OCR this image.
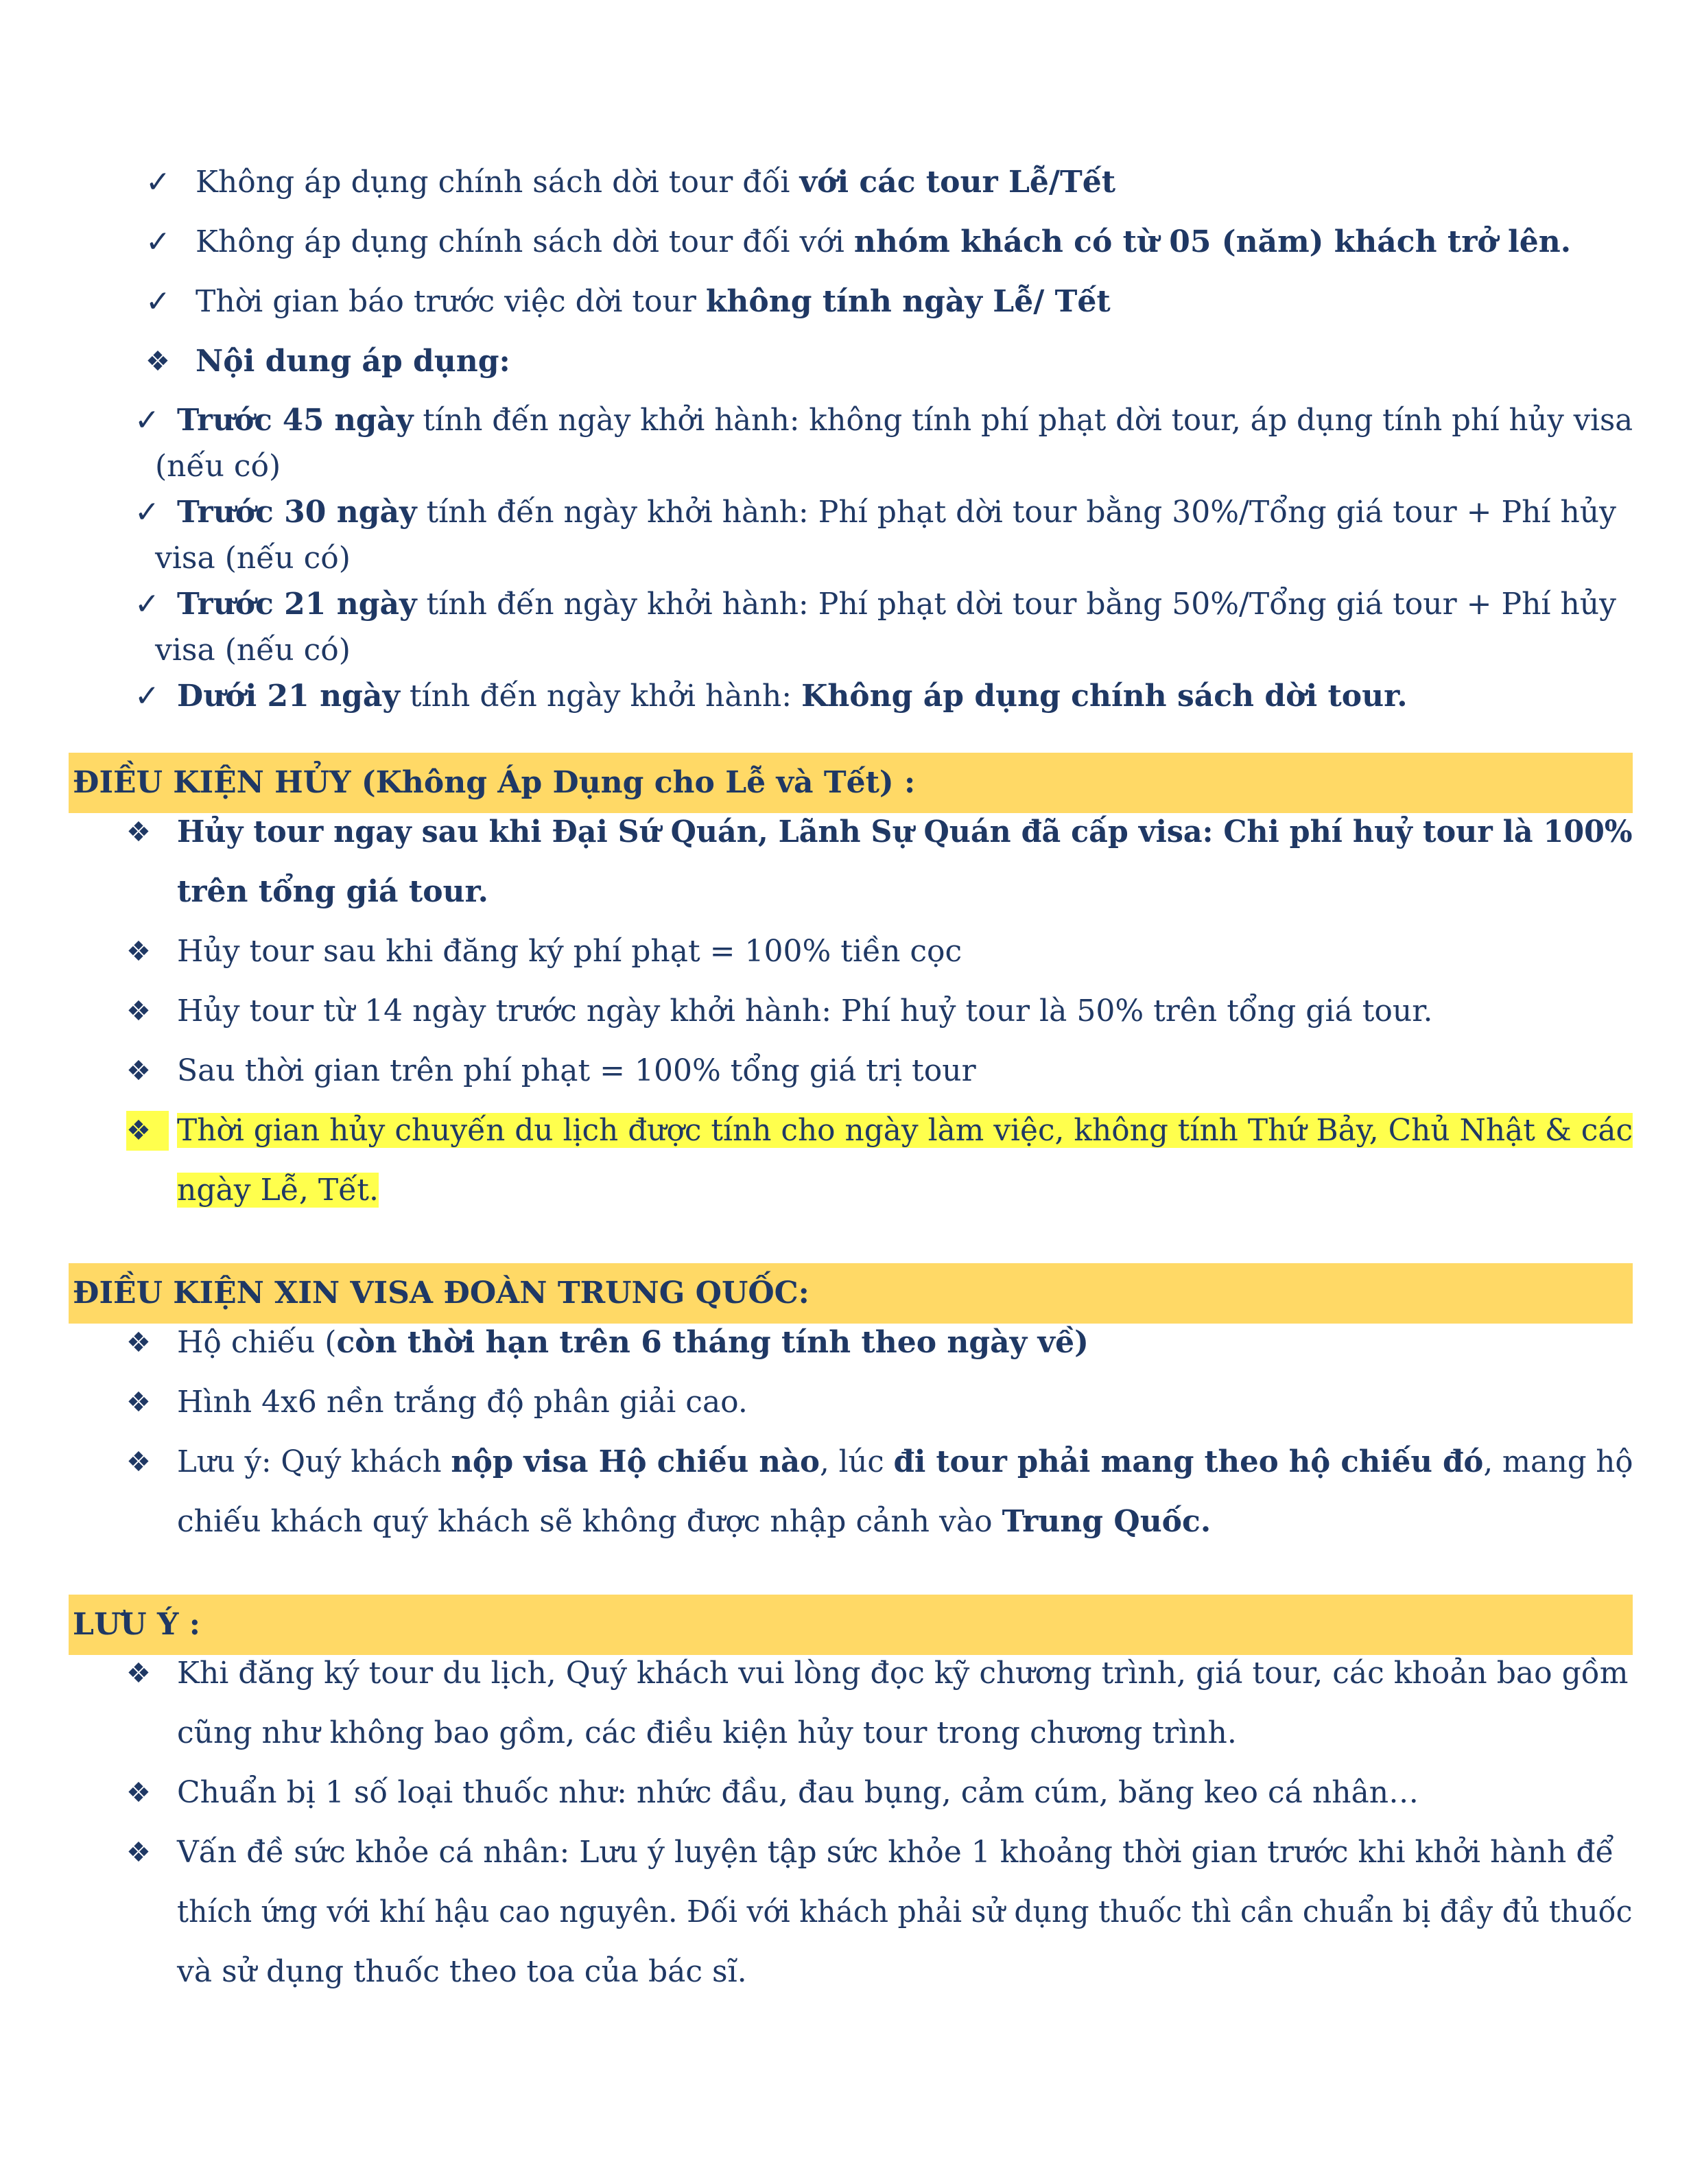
✓ Không áp dụng chính sách dời tour đối với các tour Lễ/Tết
✓ Không áp dụng chính sách dời tour đối với nhóm khách có từ 05 (năm) khách trở lên.
✓ Thời gian báo trước việc dời tour không tính ngày Lễ/ Tết
❖ Nội dung áp dụng:
✓ Trước 45 ngày tính đến ngày khởi hành: không tính phí phạt dời tour, áp dụng tính phí hủy visa
(nếu có)
✓ Trước 30 ngày tính đến ngày khởi hành: Phí phạt dời tour bằng 30%/Tổng giá tour + Phí hủy
visa (nếu có)
✓ Trước 21 ngày tính đến ngày khởi hành: Phí phạt dời tour bằng 50%/Tổng giá tour + Phí hủy
visa (nếu có)
✓ Dưới 21 ngày tính đến ngày khởi hành: Không áp dụng chính sách dời tour.
ĐIỀU KIỆN HỦY (Không Áp Dụng cho Lễ và Tết) :
❖ Hủy tour ngay sau khi Đại Sứ Quán, Lãnh Sự Quán đã cấp visa: Chi phí huỷ tour là 100%
trên tổng giá tour.
❖ Hủy tour sau khi đăng ký phí phạt = 100% tiền cọc
❖ Hủy tour từ 14 ngày trước ngày khởi hành: Phí huỷ tour là 50% trên tổng giá tour.
❖ Sau thời gian trên phí phạt = 100% tổng giá trị tour
❖ Thời gian hủy chuyến du lịch được tính cho ngày làm việc, không tính Thứ Bảy, Chủ Nhật & các
ngày Lễ, Tết.
ĐIỀU KIỆN XIN VISA ĐOÀN TRUNG QUỐC:
❖ Hộ chiếu (còn thời hạn trên 6 tháng tính theo ngày về)
❖ Hình 4x6 nền trắng độ phân giải cao.
❖ Lưu ý: Quý khách nộp visa Hộ chiếu nào, lúc đi tour phải mang theo hộ chiếu đó, mang hộ
chiếu khách quý khách sẽ không được nhập cảnh vào Trung Quốc.
LƯU Ý :
❖ Khi đăng ký tour du lịch, Quý khách vui lòng đọc kỹ chương trình, giá tour, các khoản bao gồm
cũng như không bao gồm, các điều kiện hủy tour trong chương trình.
❖ Chuẩn bị 1 số loại thuốc như: nhức đầu, đau bụng, cảm cúm, băng keo cá nhân…
❖ Vấn đề sức khỏe cá nhân: Lưu ý luyện tập sức khỏe 1 khoảng thời gian trước khi khởi hành để
thích ứng với khí hậu cao nguyên. Đối với khách phải sử dụng thuốc thì cần chuẩn bị đầy đủ thuốc
và sử dụng thuốc theo toa của bác sĩ.
